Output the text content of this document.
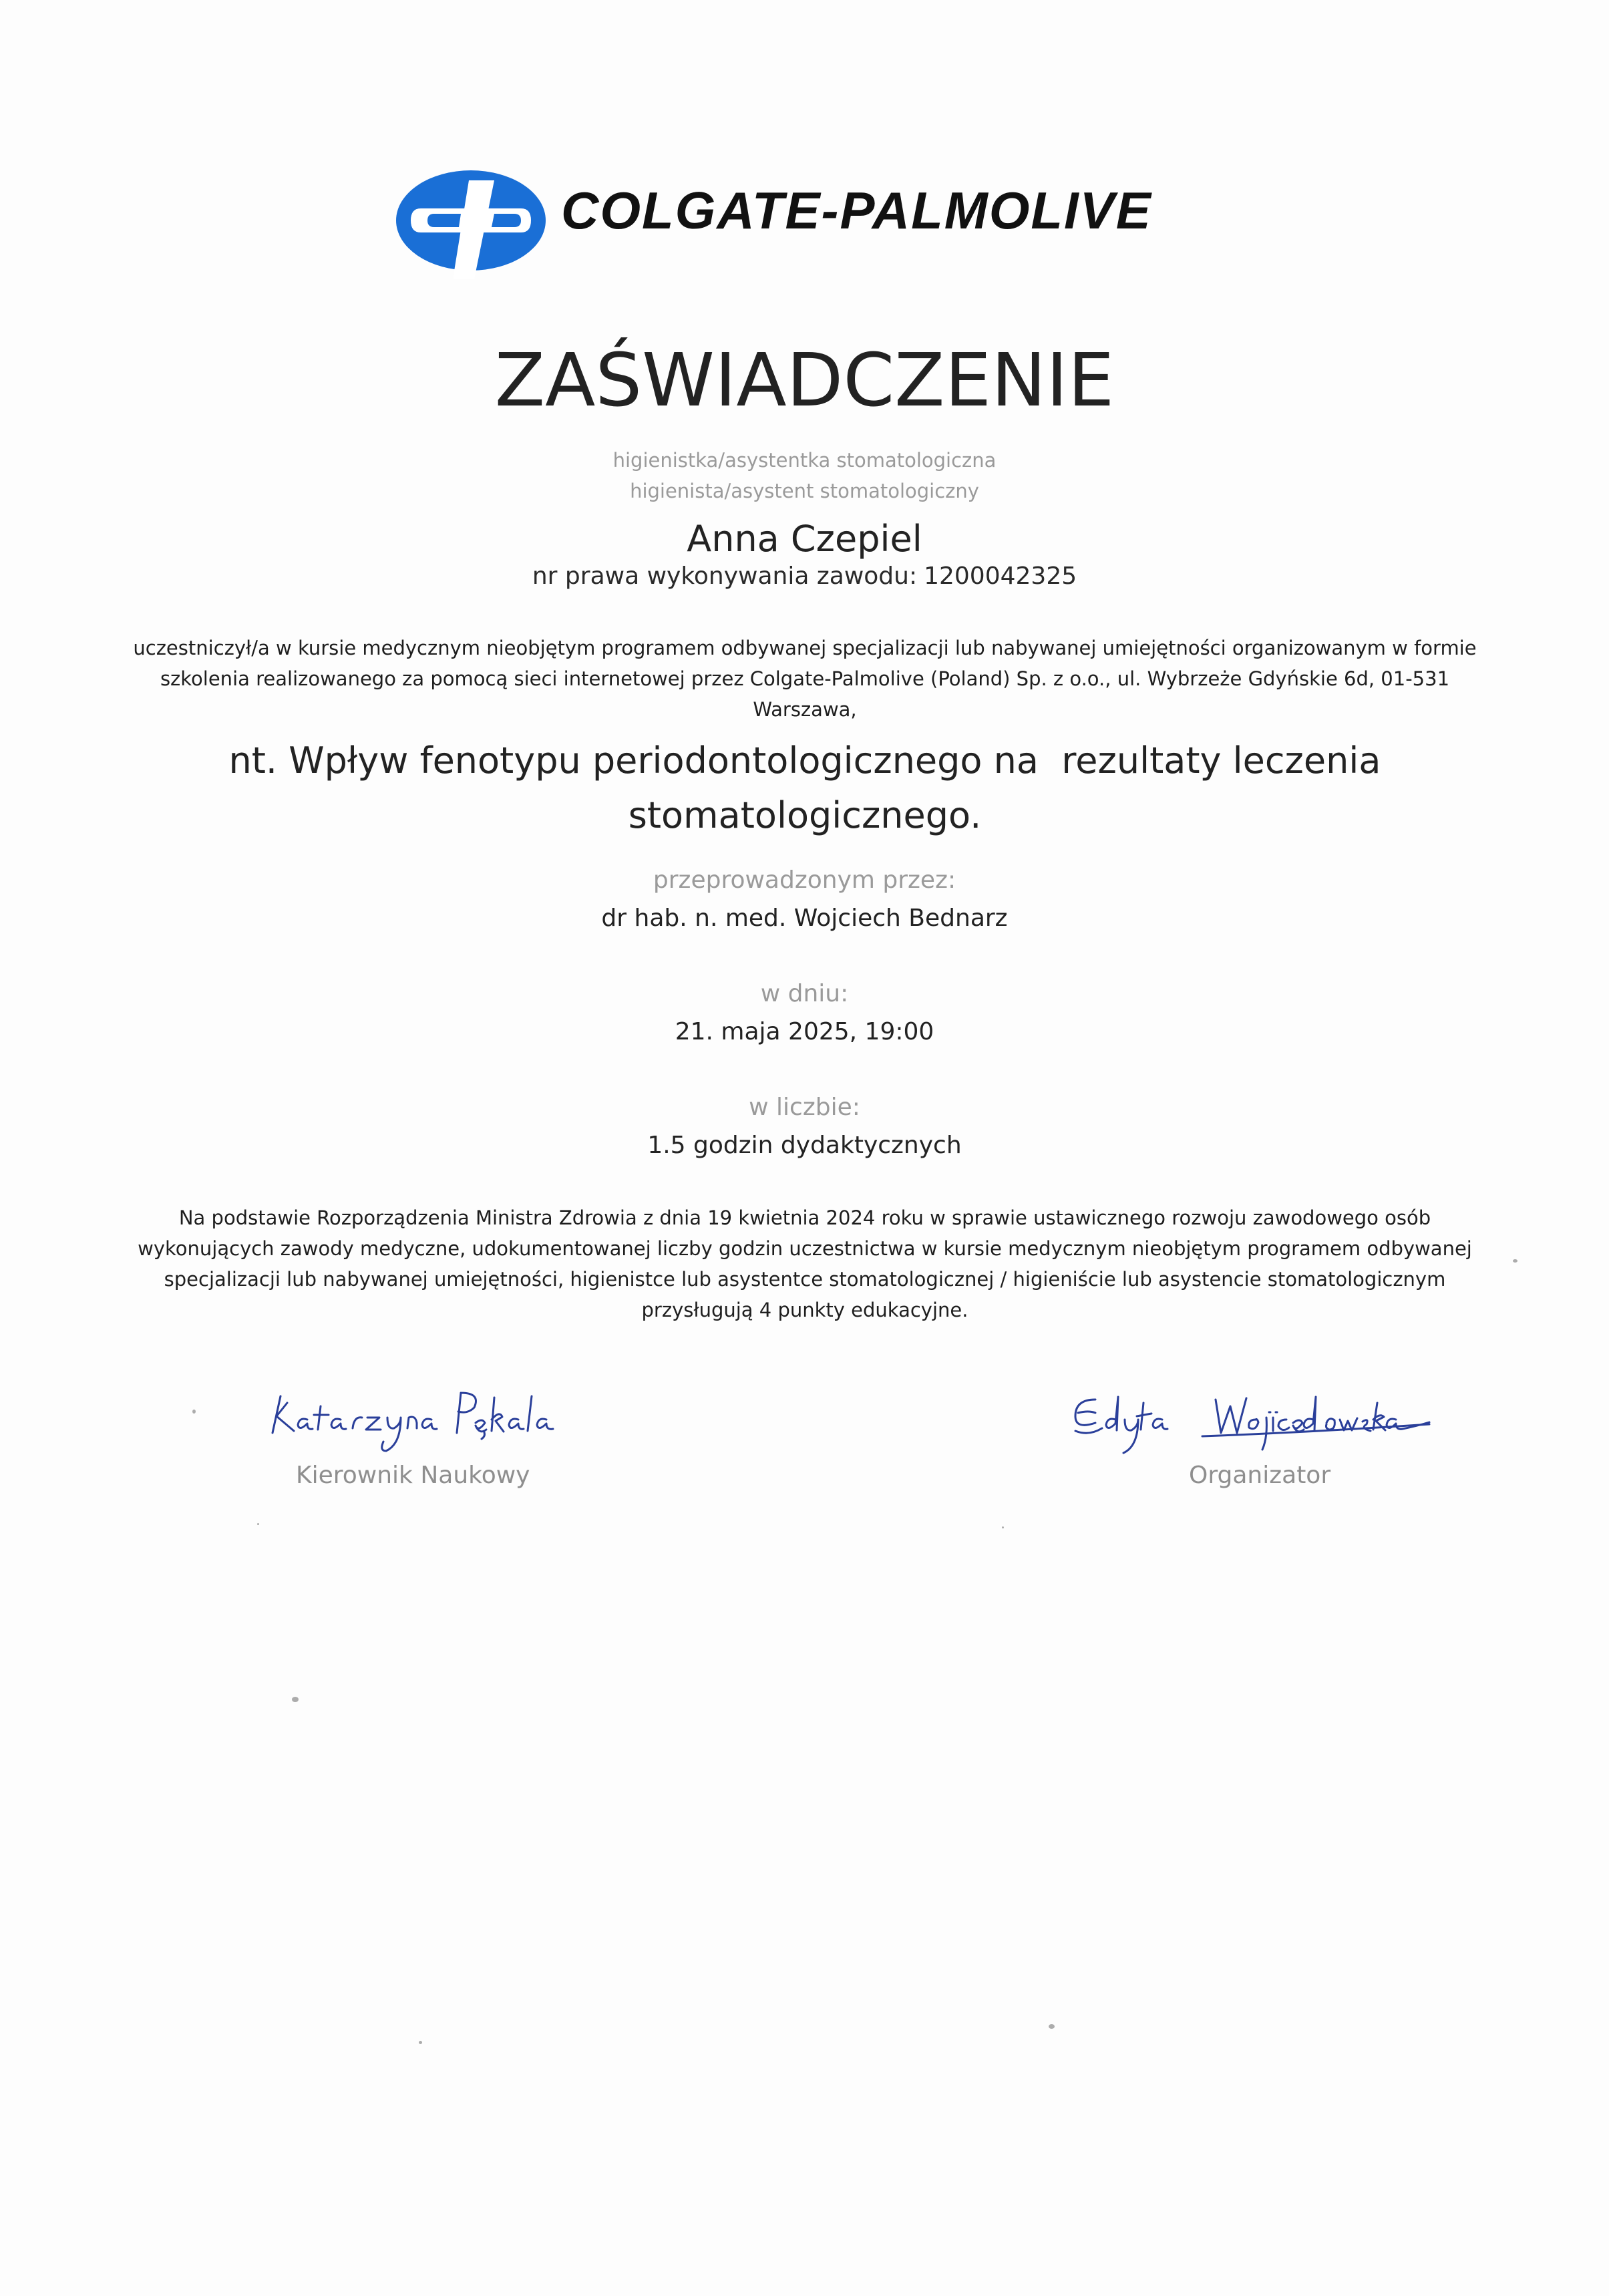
COLGATE-PALMOLIVE
ZAŚWIADCZENIE
higienistka/asystentka stomatologiczna
higienista/asystent stomatologiczny
Anna Czepiel
nr prawa wykonywania zawodu: 1200042325
uczestniczył/a w kursie medycznym nieobjętym programem odbywanej specjalizacji lub nabywanej umiejętności organizowanym w formie szkolenia realizowanego za pomocą sieci internetowej przez Colgate-Palmolive (Poland) Sp. z o.o., ul. Wybrzeże Gdyńskie 6d, 01-531 Warszawa,
nt. Wpływ fenotypu periodontologicznego na  rezultaty leczenia
stomatologicznego.
przeprowadzonym przez:
dr hab. n. med. Wojciech Bednarz
w dniu:
21. maja 2025, 19:00
w liczbie:
1.5 godzin dydaktycznych
Na podstawie Rozporządzenia Ministra Zdrowia z dnia 19 kwietnia 2024 roku w sprawie ustawicznego rozwoju zawodowego osób wykonujących zawody medyczne, udokumentowanej liczby godzin uczestnictwa w kursie medycznym nieobjętym programem odbywanej specjalizacji lub nabywanej umiejętności, higienistce lub asystentce stomatologicznej / higieniście lub asystencie stomatologicznym przysługują 4 punkty edukacyjne.
Kierownik Naukowy	Organizator
